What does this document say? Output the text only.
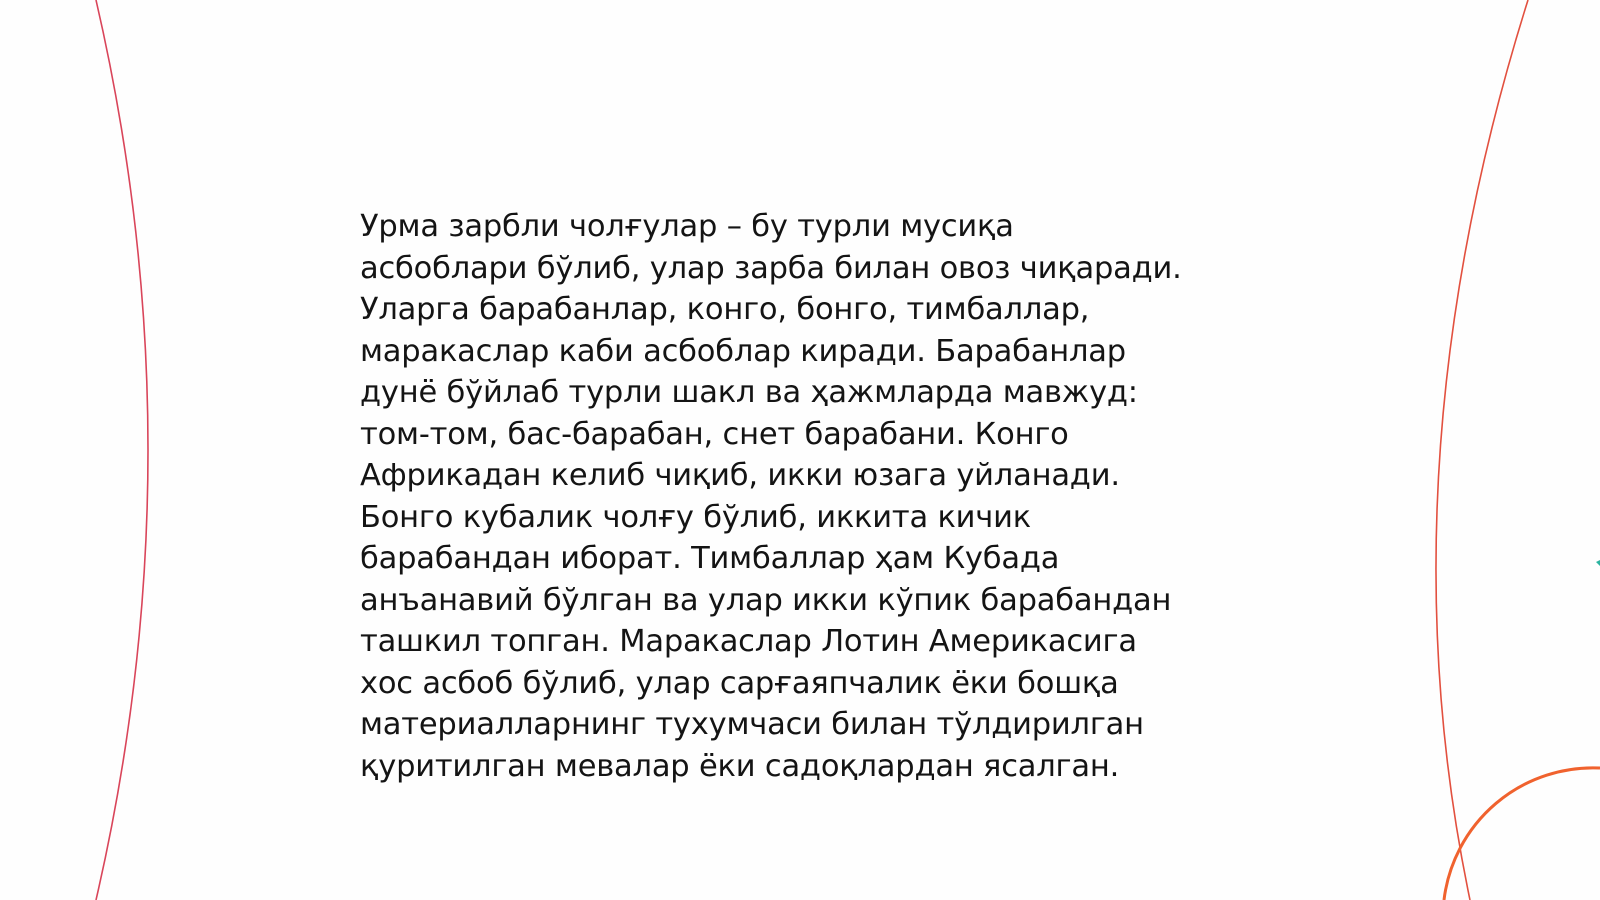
Урма зарбли чолғулар – бу турли мусиқа
асбоблари бўлиб, улар зарба билан овоз чиқаради.
Уларга барабанлар, конго, бонго, тимбаллар,
маракаслар каби асбоблар киради. Барабанлар
дунё бўйлаб турли шакл ва ҳажмларда мавжуд:
том-том, бас-барабан, снет барабани. Конго
Африкадан келиб чиқиб, икки юзага уйланади.
Бонго кубалик чолғу бўлиб, иккита кичик
барабандан иборат. Тимбаллар ҳам Кубада
анъанавий бўлган ва улар икки кўпик барабандан
ташкил топган. Маракаслар Лотин Америкасига
хос асбоб бўлиб, улар сарғаяпчалик ёки бошқа
материалларнинг тухумчаси билан тўлдирилган
қуритилган мевалар ёки садоқлардан ясалган.
